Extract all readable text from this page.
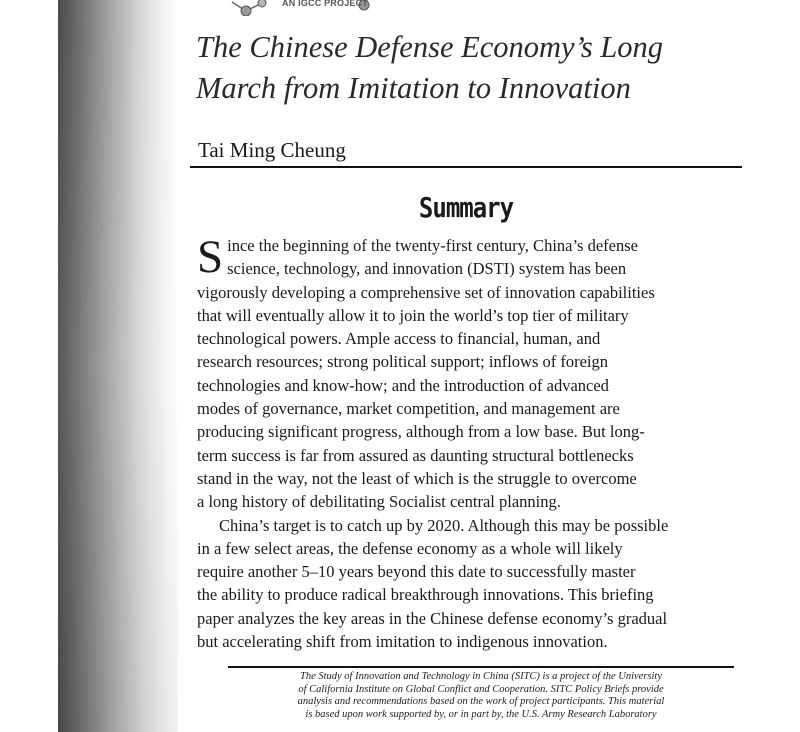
AN IGCC PROJECT
The Chinese Defense Economy’s Long
March from Imitation to Innovation
Tai Ming Cheung
Summary

S ince the beginning of the twenty-first century, China’s defense
science, technology, and innovation (DSTI) system has been
vigorously developing a comprehensive set of innovation capabilities
that will eventually allow it to join the world’s top tier of military
technological powers. Ample access to financial, human, and
research resources; strong political support; inflows of foreign
technologies and know-how; and the introduction of advanced
modes of governance, market competition, and management are
producing significant progress, although from a low base. But long-
term success is far from assured as daunting structural bottlenecks
stand in the way, not the least of which is the struggle to overcome
a long history of debilitating Socialist central planning.

China’s target is to catch up by 2020. Although this may be possible
in a few select areas, the defense economy as a whole will likely
require another 5–10 years beyond this date to successfully master
the ability to produce radical breakthrough innovations. This briefing
paper analyzes the key areas in the Chinese defense economy’s gradual
but accelerating shift from imitation to indigenous innovation.

The Study of Innovation and Technology in China (SITC) is a project of the University
of California Institute on Global Conflict and Cooperation. SITC Policy Briefs provide
analysis and recommendations based on the work of project participants. This material
is based upon work supported by, or in part by, the U.S. Army Research Laboratory
